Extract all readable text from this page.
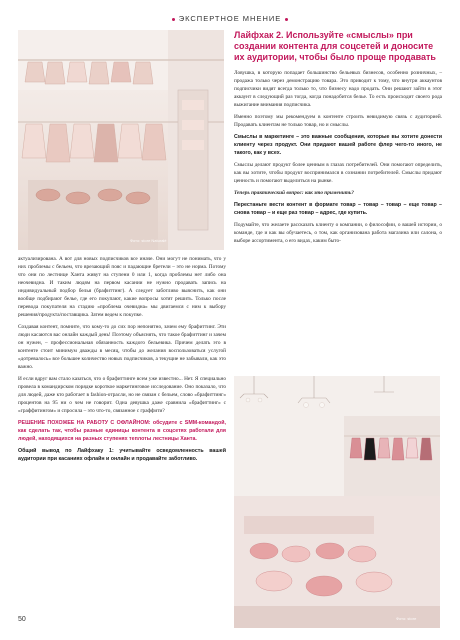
ЭКСПЕРТНОЕ МНЕНИЕ
Фото: store Naturalé
Фото: store
Лайфхак 2. Используйте «смыслы» при создании контента для соцсетей и доносите их аудитории, чтобы было проще продавать

Ловушка, в которую попадает большинство бельевых бизнесов, особенно розничных, – продажа только через демонстрацию товара. Это приводит к тому, что внутри аккаунтов подписчики видят всегда только то, что бизнесу надо продать. Они решают зайти в этот аккаунт в следующий раз тогда, когда понадобится белье. То есть происходит своего рода выжигание внимания подписчика.

Именно поэтому мы рекомендуем в контенте строить невидимую связь с аудиторией. Продавать клиентам не только товар, но и смыслы.

Смыслы в маркетинге – это важные сообщения, которые вы хотите донести клиенту через продукт. Они придают вашей работе флер чего-то иного, не такого, как у всех.

Смыслы делают продукт более ценным в глазах потребителей. Они помогают определить, как вы хотите, чтобы продукт воспринимался в сознании потребителей. Смыслы придают ценность и помогают выделиться на рынке.

Теперь практический вопрос: как это применить?

Перестаньте вести контент в формате товар – товар – товар – еще товар – снова товар – и еще раз товар – адрес, где купить.

Подумайте, что желаете рассказать клиенту о компании, о философии, о вашей истории, о команде, где и как вы обучаетесь, о том, как организована работа магазина или салона, о выборе ассортимента, о его видах, каким быто-

актуализирована. А вот для новых подписчиков все иначе. Они могут не понимать, что у них проблемы с бельем, что врезающий пояс и падающие бретели – это не норма. Потому что они по лестнице Ханта живут на ступени 0 или 1, когда проблемы нет либо она неочевидна. И таким людям на первом касании не нужно продавать запись на индивидуальный подбор белья (брафиттинг). А следует заботливо выяснить, как они вообще подбирают белье, где его покупают, какие вопросы хотят решить. Только после перевода покупателя на стадию «проблема очевидна» мы двигаемся с ним к выбору решения/продукта/поставщика. Затем ведем к покупке.

Создавая контент, помните, что кому-то до сих пор непонятно, зачем ему брафиттинг. Эти люди касаются вас онлайн каждый день! Поэтому объяснять, что такое брафиттинг и зачем он нужен, – профессиональная обязанность каждого бельевика. Причем делать это в контенте стоит минимум дважды в месяц, чтобы до желания воспользоваться услугой «дотревалось» все большее количество новых подписчиков, а текущие не забывали, как это важно.

И если вдруг вам стало казаться, что о брафиттинге всем уже известно... Нет. Я специально провела в командирском порядке короткое маркетинговое исследование. Оно показало, что для людей, даже кто работает в fashion-отрасли, но не связан с бельем, слово «брафиттинг» процентов на 95 ни о чем не говорит. Одна девушка даже сравнила «брафиттинг» с «граффитингом» и спросила – это что-то, связанное с граффити?

РЕШЕНИЕ ПОХОЖЕЕ НА РАБОТУ С ОФЛАЙНОМ: обсудите с SMM-командой, как сделать так, чтобы разные единицы контента в соцсетях работали для людей, находящихся на разных ступенях теплоты лестницы Ханта.

Общий вывод по Лайфхаку 1: учитывайте осведомленность вашей аудитории при касаниях офлайн и онлайн и продавайте заботливо.

50
